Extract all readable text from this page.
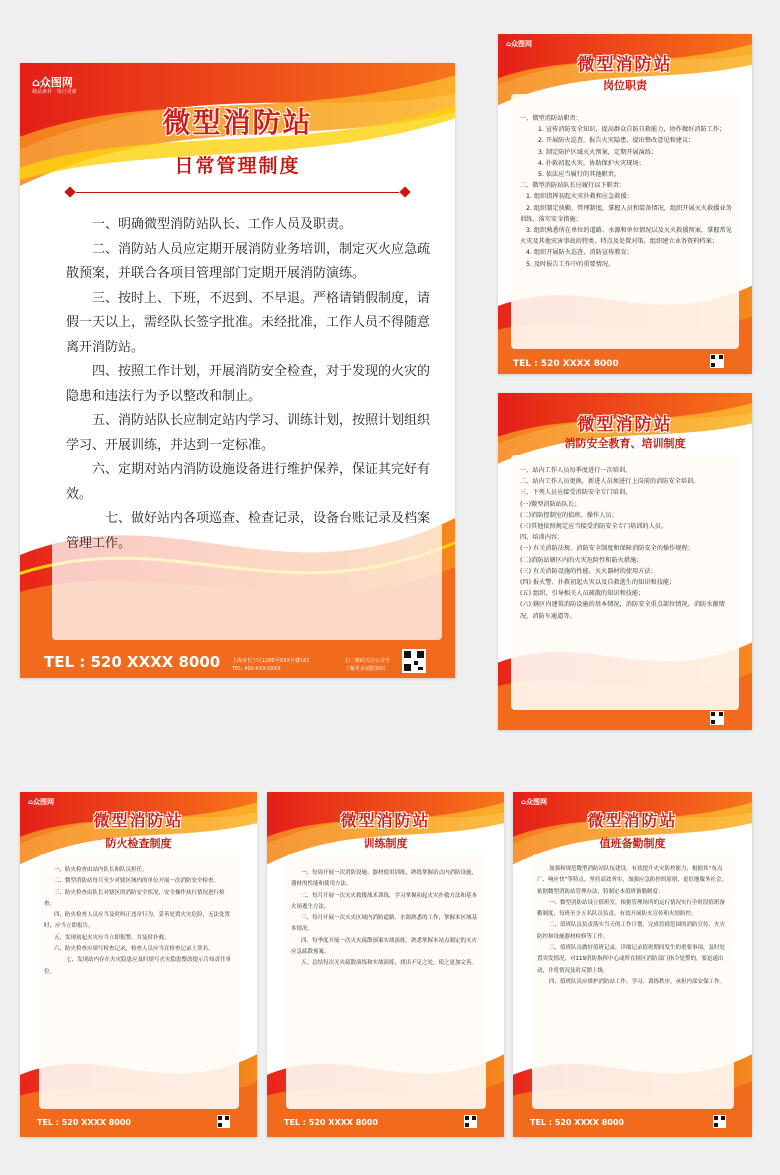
⌂众图网
精品素材 · 每日更新
微型消防站
日常管理制度

一、明确微型消防站队长、工作人员及职责。

二、消防站人员应定期开展消防业务培训，制定灭火应急疏散预案，并联合各项目管理部门定期开展消防演练。

三、按时上、下班，不迟到、不早退。严格请销假制度，请假一天以上，需经队长签字批准。未经批准，工作人员不得随意离开消防站。

四、按照工作计划，开展消防安全检查，对于发现的火灾的隐患和违法行为予以整改和制止。

五、消防站队长应制定站内学习、训练计划，按照计划组织学习、开展训练，并达到一定标准。

六、定期对站内消防设施设备进行维护保养，保证其完好有效。

七、做好站内各项巡查、检查记录，设备台账记录及档案管理工作。

TEL : 520 XXXX 8000 上海市长宁区1000号XXX号楼161
TEL: 400-XXX-XXXX
扫二维码关注公众号
了解更多消防知识
⌂众图网
微型消防站
岗位职责

一、微型消防站职责：

1. 宣传消防安全知识，提高群众自防自救能力，协作做好消防工作；

2. 开展防火巡查，报告火灾隐患，提出整改意见和建议；

3. 制定防护区域灭火预案，定期开展演练；

4. 扑救初起火灾，协助保护火灾现场；

5. 依法应当履行的其他职责。

二、微型消防站队长应履行以下职责：

1. 组织指挥初起火灾扑救和应急救援；

2. 组织制定执勤、管理制度，掌握人员和装备情况，组织开展灭火救援业务训练、落实安全措施；

3. 组织熟悉所在单位的道路、水源和单位情况以及灭火救援预案，掌握常见火灾及其他灾害事故的特类、特点及处置对策，组织建立业务资料档案；

4. 组织开展防火巡查、消防宣传教育；

5. 及时报告工作中的重要情况。

TEL : 520 XXXX 8000
微型消防站
消防安全教育、培训制度

一、站内工作人员每季度进行一次培训。

二、站内工作人员更换，新进人员须进行上岗前的消防安全培训。

三、下列人员应接受消防安全专门培训。

(一)微型消防站队长；

(二)消防控制室的值班、操作人员；

(三)其他依照规定应当接受消防安全专门培训的人员。

四、培训内容：

(一) 有关消防法规、消防安全制度和保障消防安全的操作规程；

(二)消防站辖区内的火灾危险性和防火措施；

(三) 有关消防设施的性能、灭火器材的使用方法；

(四) 报火警、扑救初起火灾以及自救逃生的知识和技能；

(五) 组织、引导相关人员疏散的知识和技能；

(六) 辖区内建筑消防设施的基本情况，消防安全重点部位情况、消防水源情况、消防车通道等。

⌂众图网
微型消防站
防火检查制度

一、防火检查由站内队长和队员担任。

二、微型消防站每月至少对辖区域内的单位开展一次消防安全检查。

三、防火检查由队长对辖区的消防安全状况、安全操作执行情况进行检查。

四、防火检查人员应当及时纠正违章行为，妥善处置火灾危险，无法处置时，应当立即报告。

五、发现初起火灾应当立即报警，并及时扑救。

六、防火检查应填写检查记录，检查人员应当在检查记录上签名。

七、发现站内存在火灾隐患应及时填写火灾隐患整改提示告知责任单位。

TEL : 520 XXXX 8000
微型消防站
训练制度

一、每周开展一次消防设施、器材使用训练，熟练掌握站点内消防设施、器材的性能和使用方法。

二、每月开展一次灭火救援战术训练，学习掌握初起火灾扑救方法和基本火场逃生方法。

三、每月开展一次灭火区域内消防道路、水源熟悉的工作，掌握本区域基本情况。

四、每季度开展一次灭火疏散预案实战演练，熟悉掌握本站点制定的灭火应急疏散预案。

五、总结每次灭火疏散演练和实战演练，找出不足之处，使之更加完善。

TEL : 520 XXXX 8000
⌂众图网
微型消防站
值班备勤制度

加强和规范微型消防站队伍建设，有效提升火灾防控能力，根据其“布点广、响应快”等特点，坚持高效务实，加强应急防控的原则，更好地服务社会，依据微型消防站管理办法，特制定本值班备勤制度：

一、微型消防站设立值班室，根据管理场所的运行情况实行全时段值班备勤制度，每班至少五名队员负责，有效开展防火宣传和火情防控。

二、值班队员负责落实当天的工作计划，完成管辖范围的消防宣传、火灾防控和设施器材检修等工作。

三、值班队员做好值班记录，详细记录值班期间发生的重要事项，及时处置突发情况，对119消防指挥中心或所在辖区消防部门指令处警的，要迅速出动，并将情况及时反馈上级。

四、值班队员应维护消防站工作、学习、训练秩序，承担内部安保工作。

TEL : 520 XXXX 8000
